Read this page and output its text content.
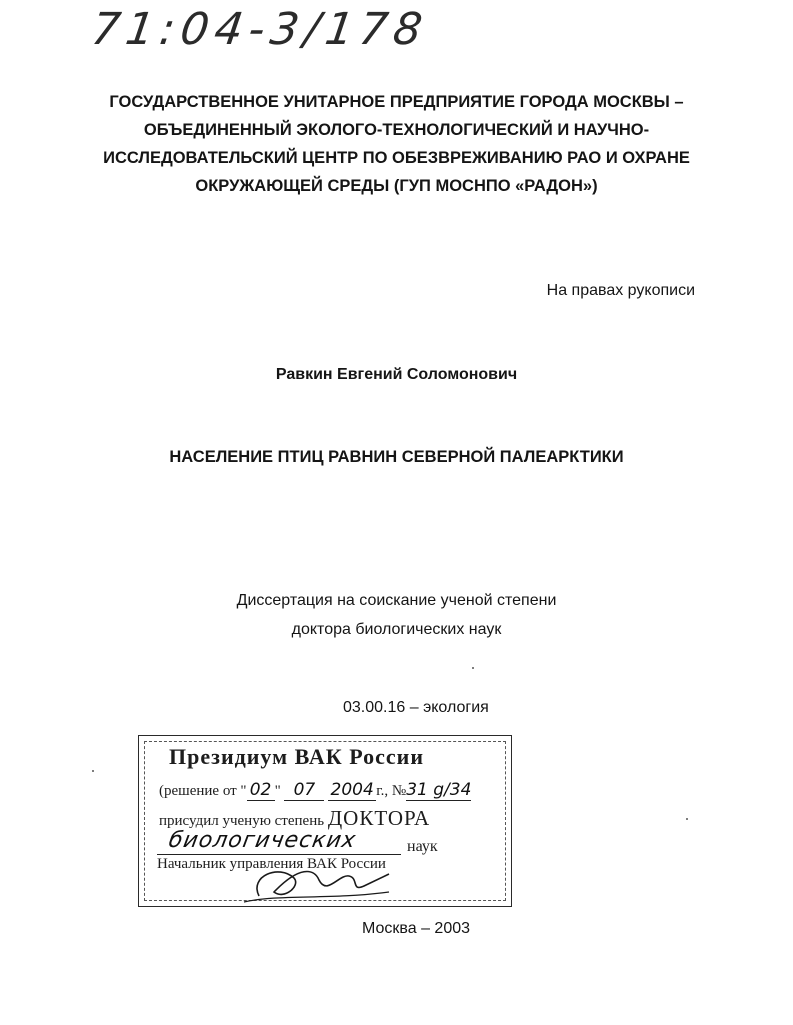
71:04-3/178
ГОСУДАРСТВЕННОЕ УНИТАРНОЕ ПРЕДПРИЯТИЕ ГОРОДА МОСКВЫ –
ОБЪЕДИНЕННЫЙ ЭКОЛОГО-ТЕХНОЛОГИЧЕСКИЙ И НАУЧНО-
ИССЛЕДОВАТЕЛЬСКИЙ ЦЕНТР ПО ОБЕЗВРЕЖИВАНИЮ РАО И ОХРАНЕ
ОКРУЖАЮЩЕЙ СРЕДЫ (ГУП МОСНПО «РАДОН»)
На правах рукописи
Равкин Евгений Соломонович
НАСЕЛЕНИЕ ПТИЦ РАВНИН СЕВЕРНОЙ ПАЛЕАРКТИКИ
Диссертация на соискание ученой степени
доктора биологических наук
03.00.16 – экология
Президиум ВАК России
(решение от " 02 " 07 2004 г., №31 g/34
присудил ученую степень ДОКТОРА
биологических	наук
Начальник управления ВАК России
Москва – 2003
